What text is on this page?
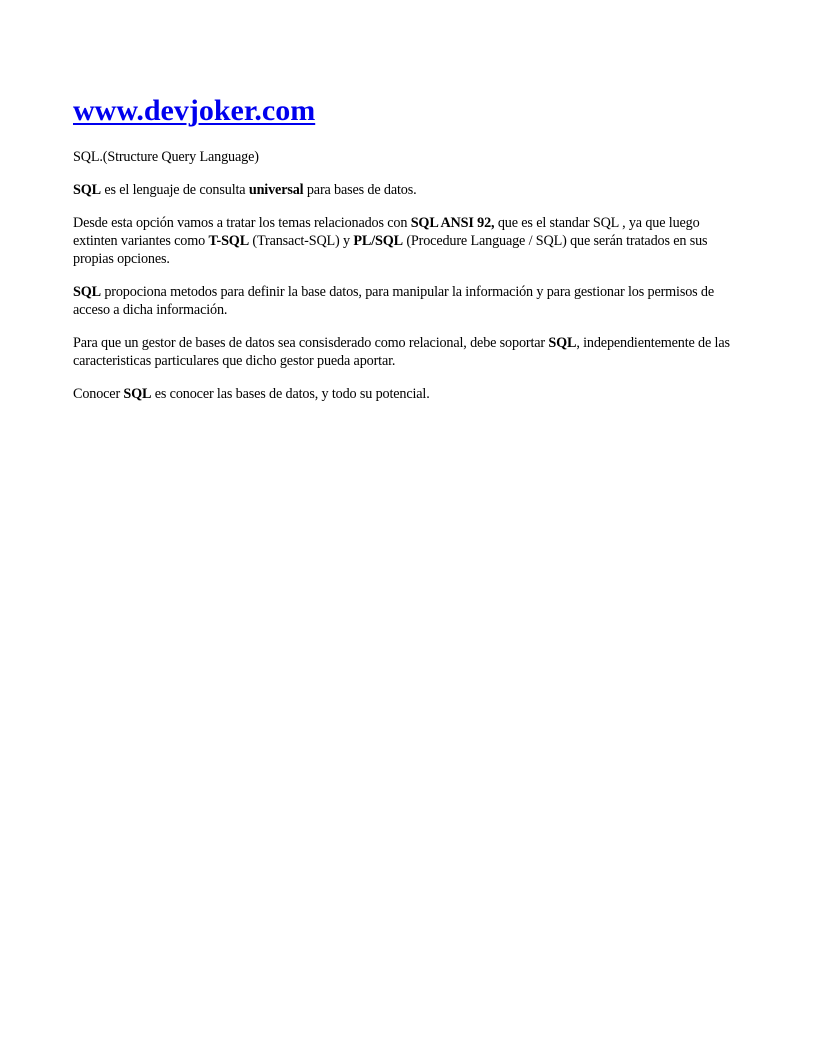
www.devjoker.com

SQL.(Structure Query Language)

SQL es el lenguaje de consulta universal para bases de datos.

Desde esta opción vamos a tratar los temas relacionados con SQL ANSI 92, que es el standar SQL , ya que luego extinten variantes como T-SQL (Transact-SQL) y PL/SQL (Procedure Language / SQL) que serán tratados en sus propias opciones.

SQL propociona metodos para definir la base datos, para manipular la información y para gestionar los permisos de acceso a dicha información.

Para que un gestor de bases de datos sea consisderado como relacional, debe soportar SQL, independientemente de las caracteristicas particulares que dicho gestor pueda aportar.

Conocer SQL es conocer las bases de datos, y todo su potencial.
